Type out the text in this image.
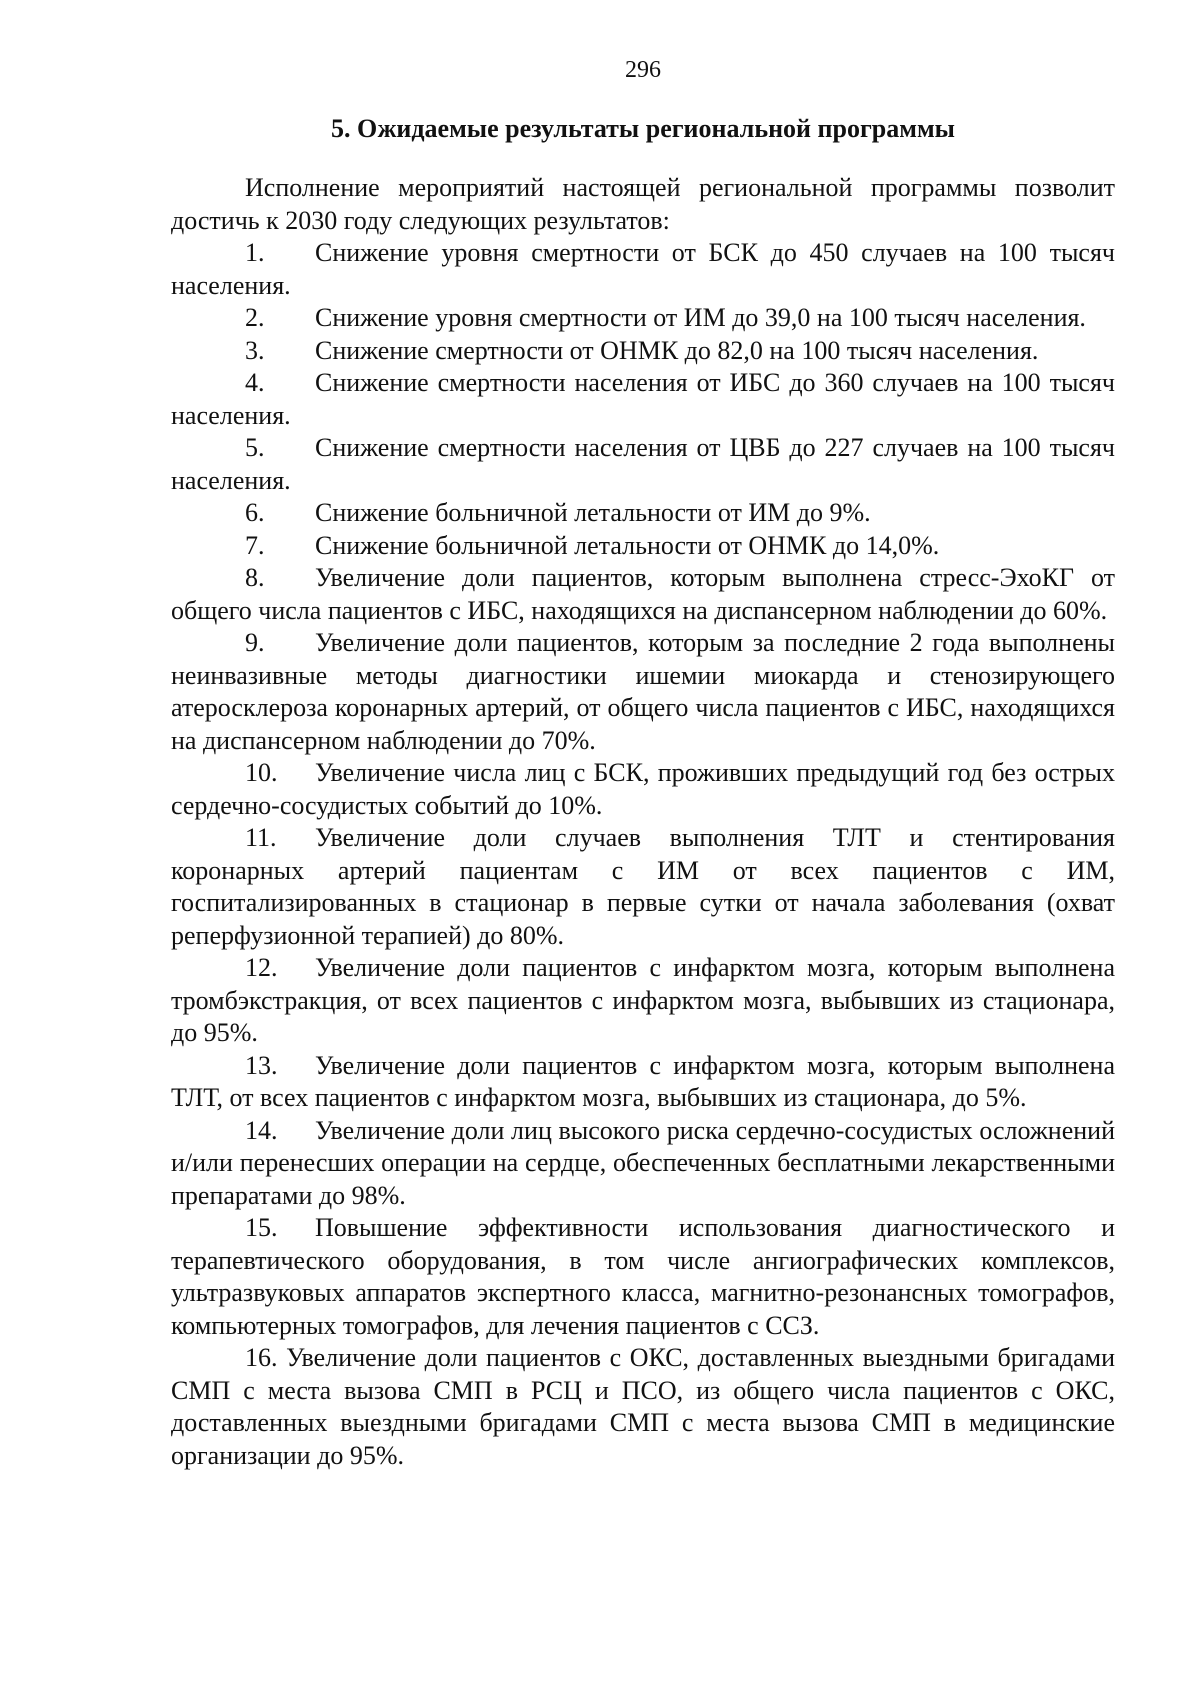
296
5. Ожидаемые результаты региональной программы

Исполнение мероприятий настоящей региональной программы позволит достичь к 2030 году следующих результатов:

1. Снижение уровня смертности от БСК до 450 случаев на 100 тысяч населения.

2. Снижение уровня смертности от ИМ до 39,0 на 100 тысяч населения.

3. Снижение смертности от ОНМК до 82,0 на 100 тысяч населения.

4. Снижение смертности населения от ИБС до 360 случаев на 100 тысяч населения.

5. Снижение смертности населения от ЦВБ до 227 случаев на 100 тысяч населения.

6. Снижение больничной летальности от ИМ до 9%.

7. Снижение больничной летальности от ОНМК до 14,0%.

8. Увеличение доли пациентов, которым выполнена стресс-ЭхоКГ от общего числа пациентов с ИБС, находящихся на диспансерном наблюдении до 60%.

9. Увеличение доли пациентов, которым за последние 2 года выполнены неинвазивные методы диагностики ишемии миокарда и стенозирующего атеросклероза коронарных артерий, от общего числа пациентов с ИБС, находящихся на диспансерном наблюдении до 70%.

10. Увеличение числа лиц с БСК, проживших предыдущий год без острых сердечно-сосудистых событий до 10%.

11. Увеличение доли случаев выполнения ТЛТ и стентирования коронарных артерий пациентам с ИМ от всех пациентов с ИМ, госпитализированных в стационар в первые сутки от начала заболевания (охват реперфузионной терапией) до 80%.

12. Увеличение доли пациентов с инфарктом мозга, которым выполнена тромбэкстракция, от всех пациентов с инфарктом мозга, выбывших из стационара, до 95%.

13. Увеличение доли пациентов с инфарктом мозга, которым выполнена ТЛТ, от всех пациентов с инфарктом мозга, выбывших из стационара, до 5%.

14. Увеличение доли лиц высокого риска сердечно-сосудистых осложнений и/или перенесших операции на сердце, обеспеченных бесплатными лекарственными препаратами до 98%.

15. Повышение эффективности использования диагностического и терапевтического оборудования, в том числе ангиографических комплексов, ультразвуковых аппаратов экспертного класса, магнитно-резонансных томографов, компьютерных томографов, для лечения пациентов с ССЗ.

16. Увеличение доли пациентов с ОКС, доставленных выездными бригадами СМП с места вызова СМП в РСЦ и ПСО, из общего числа пациентов с ОКС, доставленных выездными бригадами СМП с места вызова СМП в медицинские организации до 95%.
